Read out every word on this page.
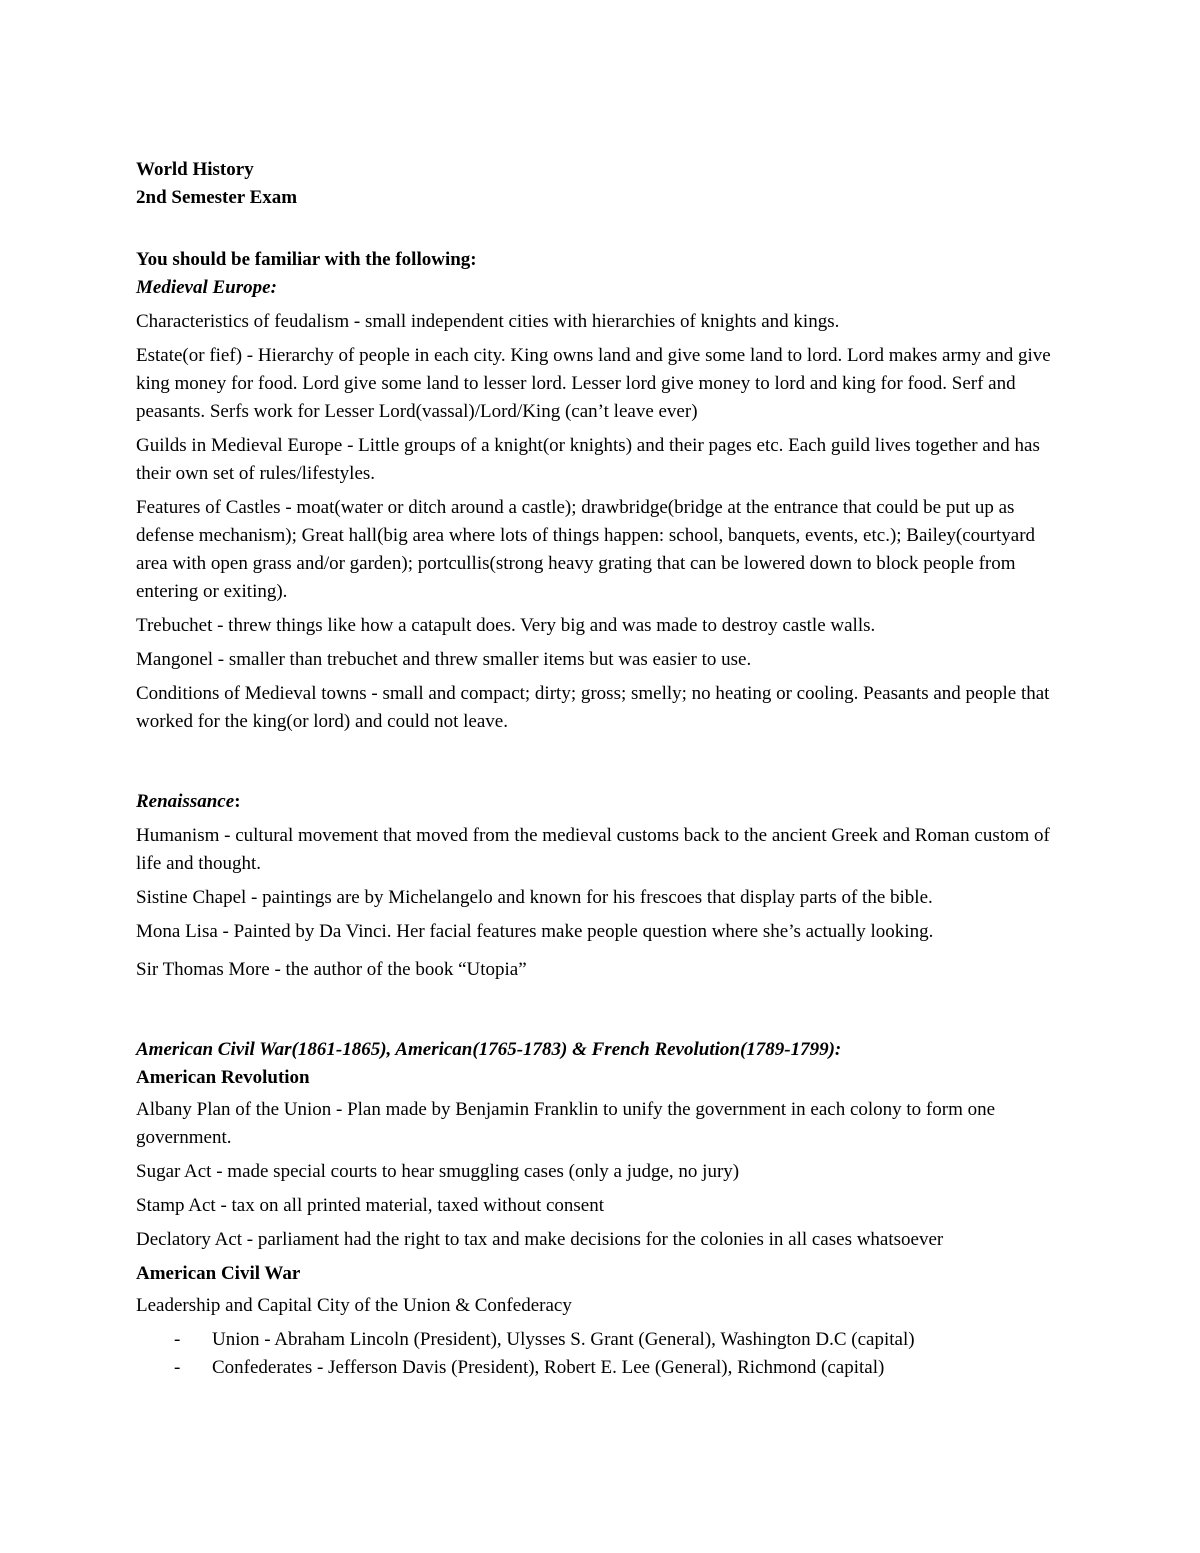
World History

2nd Semester Exam

You should be familiar with the following:

Medieval Europe:

Characteristics of feudalism - small independent cities with hierarchies of knights and kings.

Estate(or fief) - Hierarchy of people in each city. King owns land and give some land to lord. Lord makes army and give king money for food. Lord give some land to lesser lord. Lesser lord give money to lord and king for food. Serf and peasants. Serfs work for Lesser Lord(vassal)/Lord/King (can’t leave ever)

Guilds in Medieval Europe - Little groups of a knight(or knights) and their pages etc. Each guild lives together and has their own set of rules/lifestyles.

Features of Castles - moat(water or ditch around a castle); drawbridge(bridge at the entrance that could be put up as defense mechanism); Great hall(big area where lots of things happen: school, banquets, events, etc.); Bailey(courtyard area with open grass and/or garden); portcullis(strong heavy grating that can be lowered down to block people from entering or exiting).

Trebuchet - threw things like how a catapult does. Very big and was made to destroy castle walls.

Mangonel - smaller than trebuchet and threw smaller items but was easier to use.

Conditions of Medieval towns - small and compact; dirty; gross; smelly; no heating or cooling. Peasants and people that worked for the king(or lord) and could not leave.

Renaissance:

Humanism - cultural movement that moved from the medieval customs back to the ancient Greek and Roman custom of life and thought.

Sistine Chapel - paintings are by Michelangelo and known for his frescoes that display parts of the bible.

Mona Lisa - Painted by Da Vinci. Her facial features make people question where she’s actually looking.

Sir Thomas More - the author of the book “Utopia”

American Civil War(1861-1865), American(1765-1783) & French Revolution(1789-1799):

American Revolution

Albany Plan of the Union - Plan made by Benjamin Franklin to unify the government in each colony to form one government.

Sugar Act - made special courts to hear smuggling cases (only a judge, no jury)

Stamp Act - tax on all printed material, taxed without consent

Declatory Act - parliament had the right to tax and make decisions for the colonies in all cases whatsoever

American Civil War

Leadership and Capital City of the Union & Confederacy

- Union - Abraham Lincoln (President), Ulysses S. Grant (General), Washington D.C (capital)
- Confederates - Jefferson Davis (President), Robert E. Lee (General), Richmond (capital)
